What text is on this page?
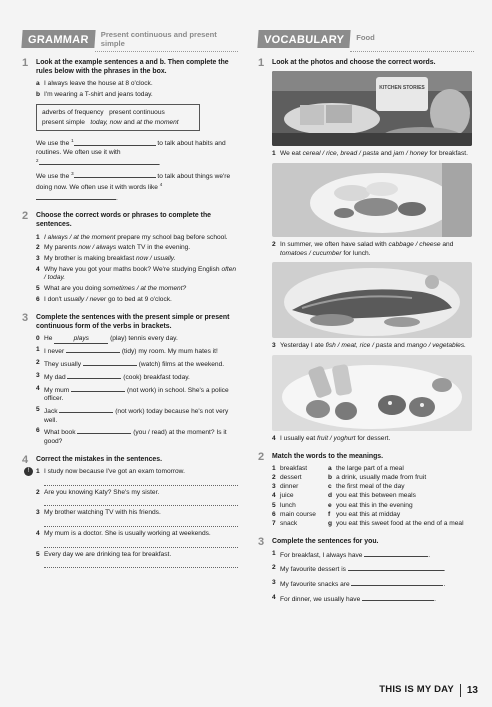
GRAMMAR	Present continuous and present simple
1 Look at the example sentences a and b. Then complete the rules below with the phrases in the box.
a I always leave the house at 8 o'clock.
b I'm wearing a T-shirt and jeans today.
adverbs of frequency   present continuous
present simple   today, now and at the moment
We use the $^1$	to talk about habits and routines. We often use it with
$^2$	.
We use the $^3$	to talk about things we're doing now. We often use it with words like $^4$.
2 Choose the correct words or phrases to complete the sentences.
1 I always / at the moment prepare my school bag before school.
2 My parents now / always watch TV in the evening.
3 My brother is making breakfast now / usually.
4 Why have you got your maths book? We're studying English often / today.
5 What are you doing sometimes / at the moment?
6 I don't usually / never go to bed at 9 o'clock.
3 Complete the sentences with the present simple or present continuous form of the verbs in brackets.
0 He	plays	(play) tennis every day.
1 I never	(tidy) my room. My mum hates it!
2 They usually	(watch) films at the weekend.
3 My dad	(cook) breakfast today.
4 My mum	(not work) in school. She's a police officer.
5 Jack	(not work) today because he's not very well.
6 What book	(you / read) at the moment? Is it good?
4 Correct the mistakes in the sentences.
!	1 I study now because I've got an exam tomorrow.
2 Are you knowing Katy? She's my sister.
3 My brother watching TV with his friends.
4 My mum is a doctor. She is usually working at weekends.
5 Every day we are drinking tea for breakfast.
VOCABULARY	Food
1	Look at the photos and choose the correct words.
KITCHEN STORIES
1 We eat cereal / rice, bread / pasta and jam / honey for breakfast.
2 In summer, we often have salad with cabbage / cheese and tomatoes / cucumber for lunch.
3 Yesterday I ate fish / meat, rice / pasta and mango / vegetables.
4 I usually eat fruit / yoghurt for dessert.
2	Match the words to the meanings.
1 breakfast	a the large part of a meal
2 dessert	b a drink, usually made from fruit
3 dinner	c the first meal of the day
4 juice	d you eat this between meals
5 lunch	e you eat this in the evening
6 main course	f you eat this at midday
7 snack	g you eat this sweet food at the end of a meal
3	Complete the sentences for you.
1 For breakfast, I always have	.
2 My favourite dessert is	.
3 My favourite snacks are	.
4 For dinner, we usually have	.
THIS IS MY DAY	13
